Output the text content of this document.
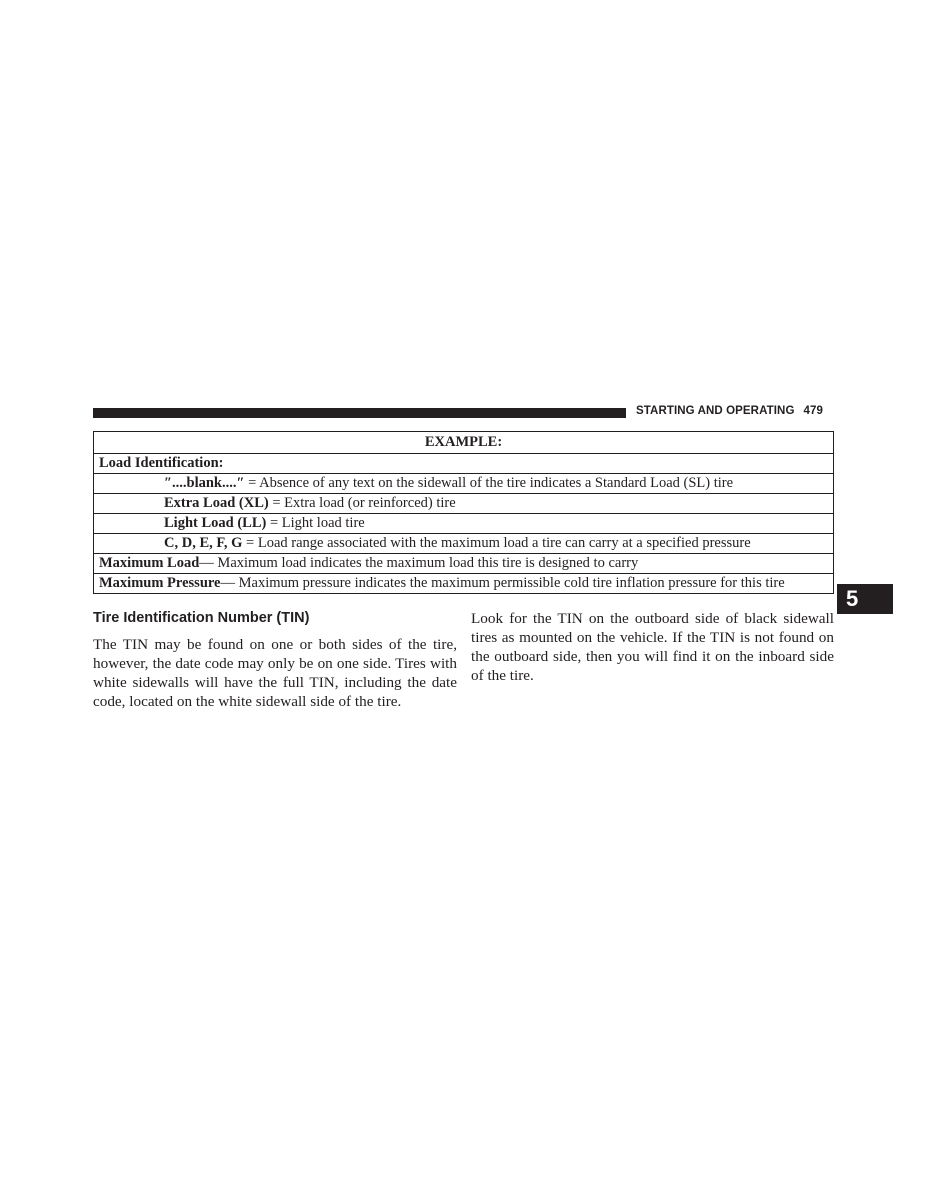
STARTING AND OPERATING 479
EXAMPLE:
Load Identification:
″....blank....″ = Absence of any text on the sidewall of the tire indicates a Standard Load (SL) tire
Extra Load (XL) = Extra load (or reinforced) tire
Light Load (LL) = Light load tire
C, D, E, F, G = Load range associated with the maximum load a tire can carry at a specified pressure
Maximum Load— Maximum load indicates the maximum load this tire is designed to carry
Maximum Pressure— Maximum pressure indicates the maximum permissible cold tire inflation pressure for this tire
5
Tire Identification Number (TIN)
The TIN may be found on one or both sides of the tire, however, the date code may only be on one side. Tires with white sidewalls will have the full TIN, including the date code, located on the white sidewall side of the tire.
Look for the TIN on the outboard side of black sidewall tires as mounted on the vehicle. If the TIN is not found on the outboard side, then you will find it on the inboard side of the tire.
